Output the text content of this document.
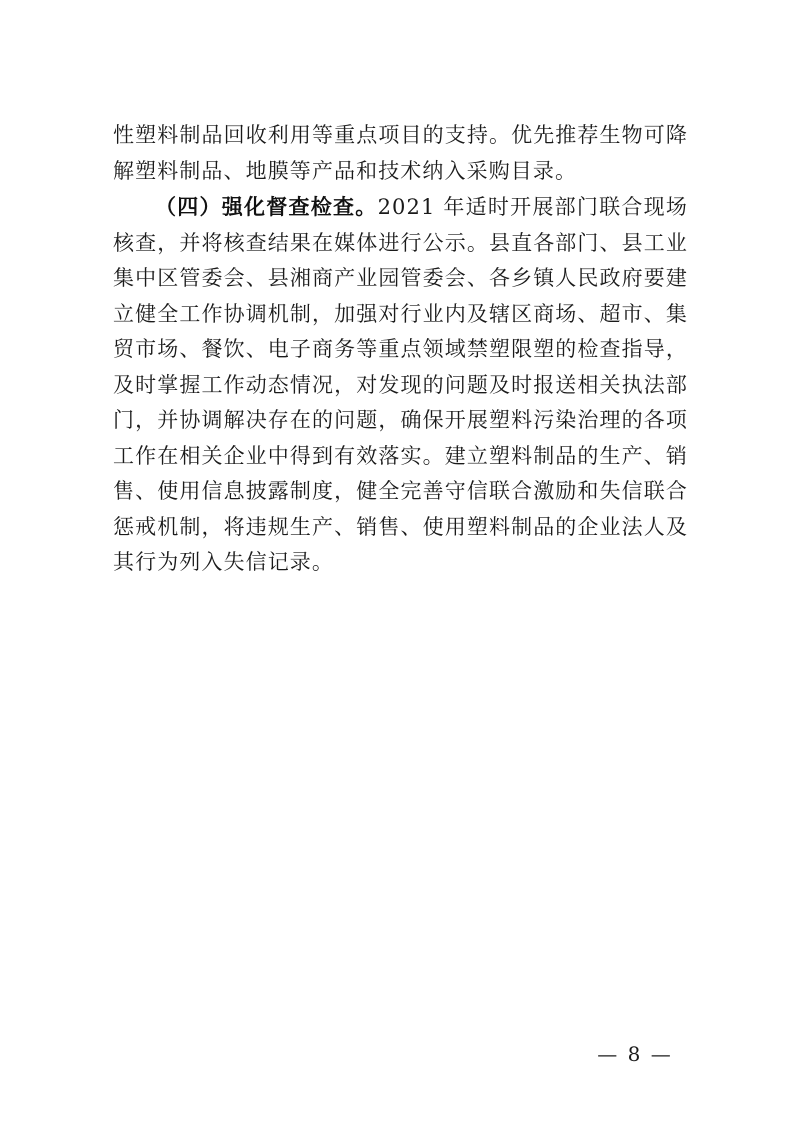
性塑料制品回收利用等重点项目的支持。优先推荐生物可降解塑料制品、地膜等产品和技术纳入采购目录。

（四）强化督查检查。2021 年适时开展部门联合现场核查，并将核查结果在媒体进行公示。县直各部门、县工业集中区管委会、县湘商产业园管委会、各乡镇人民政府要建立健全工作协调机制，加强对行业内及辖区商场、超市、集贸市场、餐饮、电子商务等重点领域禁塑限塑的检查指导，及时掌握工作动态情况，对发现的问题及时报送相关执法部门，并协调解决存在的问题，确保开展塑料污染治理的各项工作在相关企业中得到有效落实。建立塑料制品的生产、销售、使用信息披露制度，健全完善守信联合激励和失信联合惩戒机制，将违规生产、销售、使用塑料制品的企业法人及其行为列入失信记录。

— 8 —
